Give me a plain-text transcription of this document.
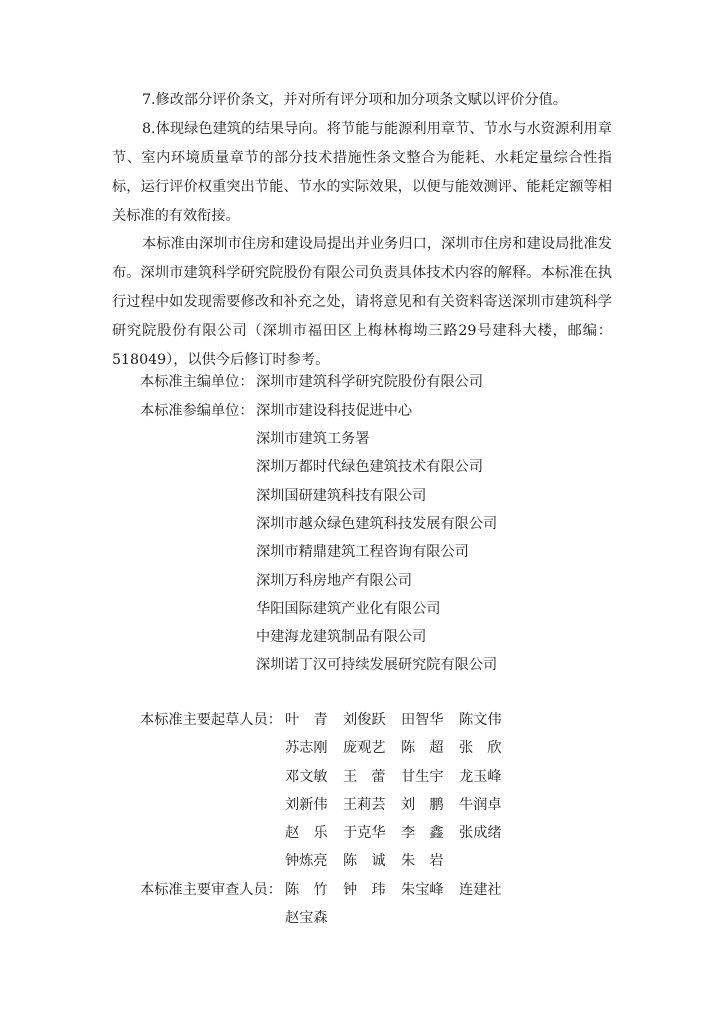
7.修改部分评价条文，并对所有评分项和加分项条文赋以评价分值。

8.体现绿色建筑的结果导向。将节能与能源利用章节、节水与水资源利用章节、室内环境质量章节的部分技术措施性条文整合为能耗、水耗定量综合性指标，运行评价权重突出节能、节水的实际效果，以便与能效测评、能耗定额等相关标准的有效衔接。

本标准由深圳市住房和建设局提出并业务归口，深圳市住房和建设局批准发布。深圳市建筑科学研究院股份有限公司负责具体技术内容的解释。本标准在执行过程中如发现需要修改和补充之处，请将意见和有关资料寄送深圳市建筑科学研究院股份有限公司（深圳市福田区上梅林梅坳三路29号建科大楼，邮编：518049），以供今后修订时参考。

本标准主编单位： 深圳市建筑科学研究院股份有限公司
本标准参编单位： 深圳市建设科技促进中心
深圳市建筑工务署
深圳万都时代绿色建筑技术有限公司
深圳国研建筑科技有限公司
深圳市越众绿色建筑科技发展有限公司
深圳市精鼎建筑工程咨询有限公司
深圳万科房地产有限公司
华阳国际建筑产业化有限公司
中建海龙建筑制品有限公司
深圳诺丁汉可持续发展研究院有限公司
本标准主要起草人员： 叶　青 刘俊跃 田智华 陈文伟
苏志刚 庞观艺 陈　超 张　欣
邓文敏 王　蕾 甘生宇 龙玉峰
刘新伟 王莉芸 刘　鹏 牛润卓
赵　乐 于克华 李　鑫 张成绪
钟炼亮 陈　诚 朱　岩
本标准主要审查人员： 陈　竹 钟　玮 朱宝峰 连建社
赵宝森
